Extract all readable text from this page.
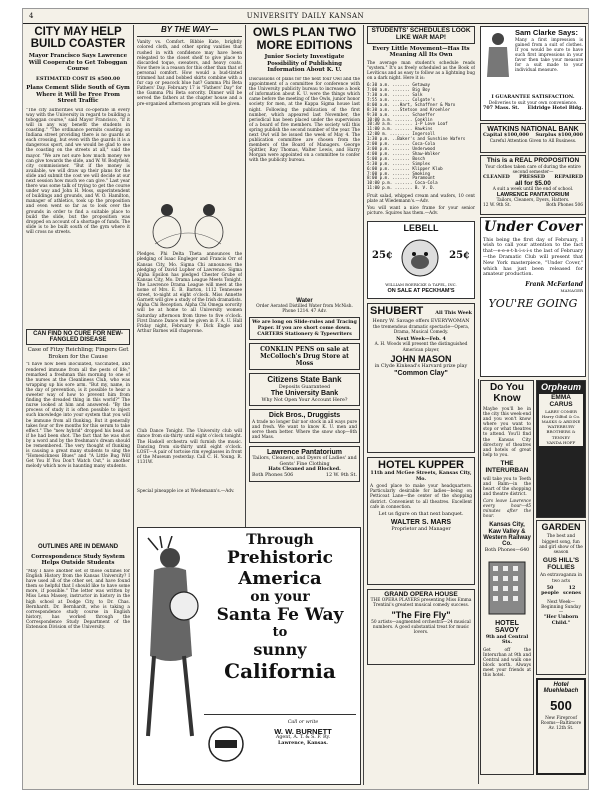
4	UNIVERSITY DAILY KANSAN
CITY MAY HELP BUILD COASTER
Mayor Francisco Says Lawrence Will Cooperate to Get Toboggan Course
ESTIMATED COST IS $500.00
Plans Cement Slide South of Gym Where it Will be Free From Street Traffic
"The city authorities will co-operate in every way with the University in regard to building a toboggan course," said Mayor Francisco, "if it will in any way benefit the students in coasting." "The ordinance permits coasting on Indiana street providing there is no guards at each crossing, but even with the guards it is a dangerous sport, and we would be glad to see the coasting on the streets at all," said the mayor. "We are not sure how much money we can give towards the slide, and W. W. Bodyfield, city commissioner. "But if the money is available, we will draw up their plans for the slide and submit the cost we will decide at our next session how much we can give." Last year there was some talk of trying to get the course under way and John H. Moss, superintendent of buildings and grounds, and W. O. Hamilton, manager of athletics, took up the proposition and even went so far as to look over the grounds in order to find a suitable place to build the slide, but the proposition was dropped on account of a shortage of funds. The slide is to be built south of the gym where it will cross no streets.
CAN FIND NO CURE FOR NEW-FANGLED DISEASE
Case of Fitzy Reichling; Fingers Get Broken for the Cause
"I have now been inoculated, vaccinated, and rendered immune from all the pests of life," remarked a freshman this morning to one of the nurses at the Cleanliness Club, who was wrapping up his sore arm. "But my, name, in the day of prevention, is it possible to hear a sweeter way of how to prevent him from finding the dreaded thing in this world?" The nurse looked at him and answered: "By the process of study it is often possible to inject such knowledge into your system that you will be immune from all flunking. But it generally takes four or five months for this serum to take effect." The "new hybrid" dropped his head as if he had been shot. The fact that he was shot by a word and by the freshman's dream should be remembered. The very thought of flunking is causing a great many students to sing the "Homesickness Blues" and "A Little Bug Will Get You If You Don't Watch Out," is another melody which now is haunting many students.
OUTLINES ARE IN DEMAND
Correspondence Study System Helps Outside Students
"May I have another set of those outlines for English History from the Kansas University? I have used all of the other set, and have found them so helpful that I should like to have some more, if possible." The letter was written by Miss Lena Massey, instructor in history in the high school at Dodge City, to Dr. Chas. Bernhardt. Dr. Bernhardt, who is taking a correspondence study course in English history, has worked through the Correspondence Study Department of the Extension Division of the University.
BY THE WAY—
Vanity vs. Comfort. Bibbie Kate, brightly colored cloth, and other spring vanities that rushed in with confidence may have been relegated to the closet shelf to give place to discarded toque, sweaters, and heavy coats. Now there is a reason for this other than that of personal comfort. How would a bud-tinted trimmed hat and bobbed skirts combine with a fur cap or peacock blue hat? Gamma Phi Beta Fathers' Day. February 17 is "Fathers' Day" for the Gamma Phi Beta sorority. Dinner will be served the fathers at the chapter house and a pre-organized afternoon program will be given.
Pledges. Phi Delta Theta announces the pledging of Isaac Engleger and Francis Orr of Kansas City, Mo. Sigma Chi announces the pledging of David Lupher of Lawrence. Sigma Alpha Epsilon has pledged Chester Grube of Kansas City, Mo. Drama League Meets Tonight. The Lawrence Drama League will meet at the home of Mrs. E. B. Barton, 1112 Tennessee street, to-night at eight o'clock. Miss Annette Garnett will give a study of the Irish dramatists. Alpha Chi Reception. Alpha Chi Omega sorority will be at home to all University women Saturday afternoon from three to five o'clock. First Dance Dance will be given in F. A. U. Hall Friday night, February 9. Dick Engle and Arthur Barnes will chaperone.
Club Dance Tonight. The University club will dance from six-thirty until eight o'clock tonight. The Haskell orchestra will furnish the music. Dancing from six-thirty until eight o'clock. LOST—A pair of tortoise rim eyeglasses in front of the Museum yesterday. Call C. H. Young. R. 1131W.
Special pineapple ice at Wiedemann's.—Adv.
OWLS PLAN TWO MORE EDITIONS
Junior Society Investigate Possibility of Publishing Information About K. U.
Discussions of plans for the next four Owl and the appointment of a committee for conference with the University publicity bureau to increase a book of information about K. U. were the things which came before the meeting of the Owls, junior honor society for men, at the Kappa Sigma house last night. Following the publication of the first number, which appeared last November, the periodical has been placed under the supervision of a board of five members. The society will this spring publish the second number of the year. The next Owl will be issued the week of May 4. The publication committee are chosen from the members of the Board of Managers. George Spittler, Ray Thomas, Walter Lewis, and Harry Morgan were appointed on a committee to confer with the publicity bureau.
Water
Order Aerated Distilled Water from McNish. Phone 1214. 47 Adv.
We are long on Slide-rules and Tracing Paper. If you are short come down. CARTERS Stationery & Typewriters
CONKLIN PENS on sale at McColloch's Drug Store at Moss
Citizens State Bank
Deposits Guaranteed
The University Bank
Why Not Open Your Account Here?
Dick Bros., Druggists
A trade no longer fair nor stock in all ways pure and fresh. We want to know K. U. men and serve them better. Where the snow shop—8th and Mass.
Lawrence Pantatorium
Tailors, Cleaners, and Dyers of Ladies' and Gents' Fine Clothing
Hats Cleaned and Blocked.
Both Phones 506	12 W. 9th St.
Through
Prehistoric
America
on your
Santa Fe Way
to
sunny
California
Call or write
W. W. BURNETT
Agent, A. T. & S. F. Ry.
Lawrence, Kansas.
STUDENTS' SCHEDULES LOOK LIKE WAR MAP!
Every Little Movement—Has Its Meaning All Its Own
The average man student's schedule reads "system." It's as freely scheduled as the Book of Leviticus and as easy to follow as a lightning bug on a dark night. Here it is:
6:30 a.m. ....... Getaway
7:00 a.m. ....... Big Boy
7:30 a.m. ....... Salk
7:55 a.m. ....... Colgate's
8:00 a.m. ...Hart, Schaffner & Marx
8:30 a.m. ...Stetson and Kroehler
9:30 a.m. ....... Schaeffer
10:00 a.m. ....... Conklin
10:30 a.m. ....... 1-P Love Loaf
11:00 a.m. ....... Hawkins
12:00 m. ........ Ingersoll
1:30 p.m. ..Baker's and Sunshine Wafers
2:00 p.m. ....... Coca-Cola
3:00 p.m. ....... Underwood
4:00 p.m. ....... Shaw-Walker
5:00 p.m. ....... Bosch
5:30 p.m. ....... Simplex
6:00 p.m. ....... Klipper Klub
7:00 p.m. ....... Smoking
8:00 p.m. ....... Paramount
10:00 p.m. ....... Coca-Cola
11:00 p.m. ....... B. V. D.
Fruit salad, whipped cream and wafers, 10 cent plate at Wiedemann's.—Adv.
You will want a nice frame for your senior picture. Squires has them.—Adv.
LEBELL
25¢	25¢
WILLIAM BOERICKE & TAFEL, INC.
ON SALE AT PECKHAM'S
SHUBERT	All This Week
Henry W. Savage offers EVERYWOMAN
the tremendous dramatic spectacle—Opera, Drama, Musical Comedy.
Next Week—Feb. 4
A. H. Woods will present the distinguished American player,
JOHN MASON
in Clyde Kinkead's Harvard prize play
"Common Clay"
HOTEL KUPPER
11th and McGee Streets, Kansas City, Mo.
A good place to make your headquarters. Particularly desirable for ladies—being on Petticoat Lane—the center of the shopping district. Convenient to all theatres. Excellent cafe in connection.
Let us figure on that next banquet.
WALTER S. MARS
Proprietor and Manager
GRAND OPERA HOUSE
THE OPERA PLAYERS presenting Miss Emma Trentini's greatest musical comedy success.
"The Fire Fly"
50 artists—augmented orchestra—24 musical numbers. A good substantial treat for music lovers.
Sam Clarke Says:
Many a first impression is gained from a suit of clothes. If you would be sure to have such first impressions in your favor then take your measure for a suit made to your individual measure.
I GUARANTEE SATISFACTION.
Deliveries to suit your own convenience.
707 Mass. St. Eldridge Hotel Bldg.
WATKINS NATIONAL BANK
Capital $100,000 Surplus $100,000
Careful Attention Given to All Business.
This is a REAL PROPOSITION
Your clothes taken care of during the entire second semester—
CLEANED PRESSED REPAIRED
all for $5.00
A suit a week until the end of school.
LAWRENCE PANTATORIUM
Tailors, Cleaners, Dyers, Hatters.
12 W. 9th St.	Both Phones 506
Under Cover
This being the first day of February, I wish to call your attention to the fact that—e-e-e-t-h-i-s-i-s the last of February—the Dramatic Club will present that New York masterpiece, "Under Cover," which has just been released for amateur production.
Frank McFarland
MANAGER
YOU'RE GOING
Do You Know
Maybe you'll be in the city this week-end and you won't know where you want to stop or what theatres to attend. You'll find the Kansas City directory of theatres and hotels of great help to you.
THE INTERURBAN
will take you to Teeth and Balm—in the heart of the shopping and theatre district.
Cars leave Lawrence every hour—45 minutes after the hour.
Kansas City, Kaw Valley & Western Railway Co.
Both Phones—640
HOTEL SAVOY
9th and Central Sts.
Get off the Interurban at 9th and Central and walk one block north. Always meet your friends at this hotel.
Orpheum
EMMA CARUS
LARRY COMER
Harry Gilfoil & Co.
MASKS & ARDINE
WATERBURY BROTHERS & TENNEY
VANDA HOFF
GARDEN
The best and biggest song, fun and girl show of the season
GUS HILL'S FOLLIES
An extravaganza in two acts
50 people
12 scenes
Next Week—Beginning Sunday—
"Her Unborn Child."
Hotel Muehlebach
500
New Fireproof Rooms—Baltimore Av. 12th St.
